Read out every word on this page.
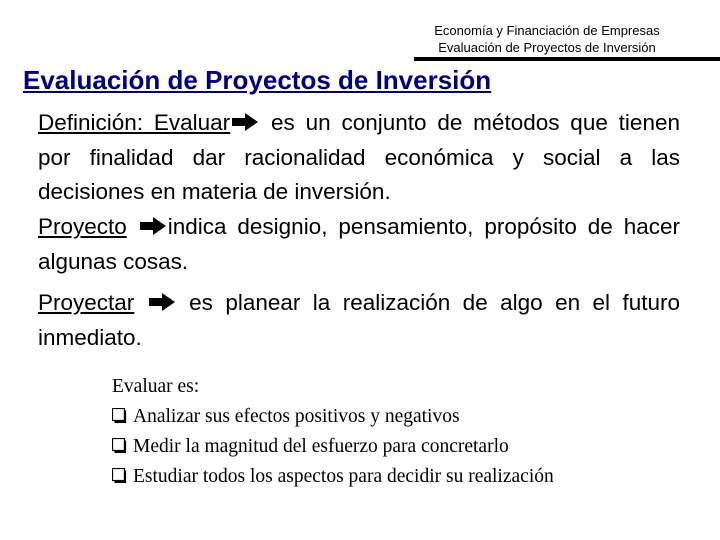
Economía y Financiación de Empresas
Evaluación de Proyectos de Inversión
Evaluación de Proyectos de Inversión
Definición: Evaluar es un conjunto de métodos que tienen por finalidad dar racionalidad económica y social a las decisiones en materia de inversión.
Proyecto indica designio, pensamiento, propósito de hacer algunas cosas.
Proyectar es planear la realización de algo en el futuro inmediato.
Evaluar es:
Analizar sus efectos positivos y negativos
Medir la magnitud del esfuerzo para concretarlo
Estudiar todos los aspectos para decidir su realización
